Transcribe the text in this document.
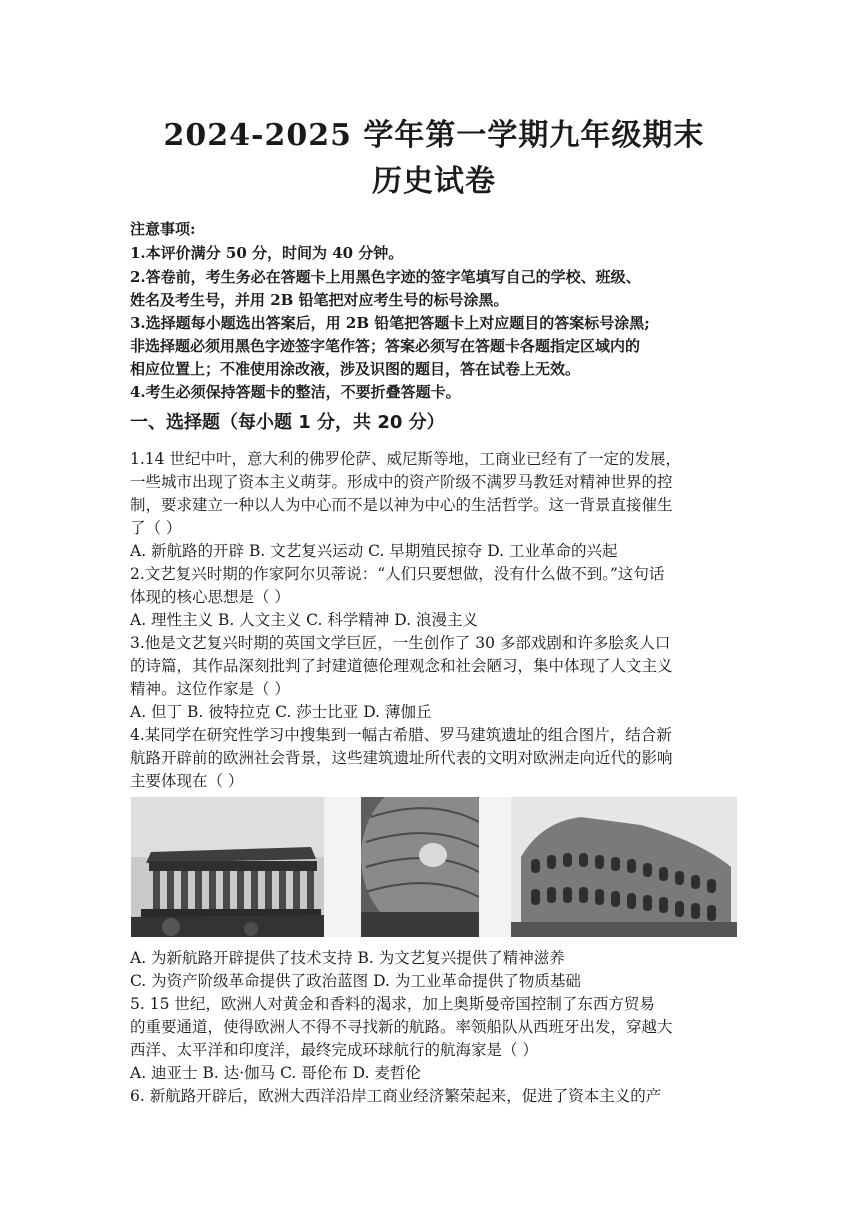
2024-2025 学年第一学期九年级期末
历史试卷
注意事项:
1.本评价满分 50 分，时间为 40 分钟。
2.答卷前，考生务必在答题卡上用黑色字迹的签字笔填写自己的学校、班级、
姓名及考生号，并用 2B 铅笔把对应考生号的标号涂黑。
3.选择题每小题选出答案后，用 2B 铅笔把答题卡上对应题目的答案标号涂黑;
非选择题必须用黑色字迹签字笔作答；答案必须写在答题卡各题指定区域内的
相应位置上；不准使用涂改液，涉及识图的题目，答在试卷上无效。
4.考生必须保持答题卡的整洁，不要折叠答题卡。
一、选择题（每小题 1 分，共 20 分）
1.14 世纪中叶，意大利的佛罗伦萨、威尼斯等地，工商业已经有了一定的发展，
一些城市出现了资本主义萌芽。形成中的资产阶级不满罗马教廷对精神世界的控
制，要求建立一种以人为中心而不是以神为中心的生活哲学。这一背景直接催生
了（ ）
A. 新航路的开辟 B. 文艺复兴运动 C. 早期殖民掠夺 D. 工业革命的兴起
2.文艺复兴时期的作家阿尔贝蒂说：“人们只要想做，没有什么做不到。”这句话
体现的核心思想是（ ）
A. 理性主义 B. 人文主义 C. 科学精神 D. 浪漫主义
3.他是文艺复兴时期的英国文学巨匠，一生创作了 30 多部戏剧和许多脍炙人口
的诗篇，其作品深刻批判了封建道德伦理观念和社会陋习，集中体现了人文主义
精神。这位作家是（ ）
A. 但丁 B. 彼特拉克 C. 莎士比亚 D. 薄伽丘
4.某同学在研究性学习中搜集到一幅古希腊、罗马建筑遗址的组合图片，结合新
航路开辟前的欧洲社会背景，这些建筑遗址所代表的文明对欧洲走向近代的影响
主要体现在（ ）
A. 为新航路开辟提供了技术支持 B. 为文艺复兴提供了精神滋养
C. 为资产阶级革命提供了政治蓝图 D. 为工业革命提供了物质基础
5. 15 世纪，欧洲人对黄金和香料的渴求，加上奥斯曼帝国控制了东西方贸易
的重要通道，使得欧洲人不得不寻找新的航路。率领船队从西班牙出发，穿越大
西洋、太平洋和印度洋，最终完成环球航行的航海家是（ ）
A. 迪亚士 B. 达·伽马 C. 哥伦布 D. 麦哲伦
6. 新航路开辟后，欧洲大西洋沿岸工商业经济繁荣起来，促进了资本主义的产
